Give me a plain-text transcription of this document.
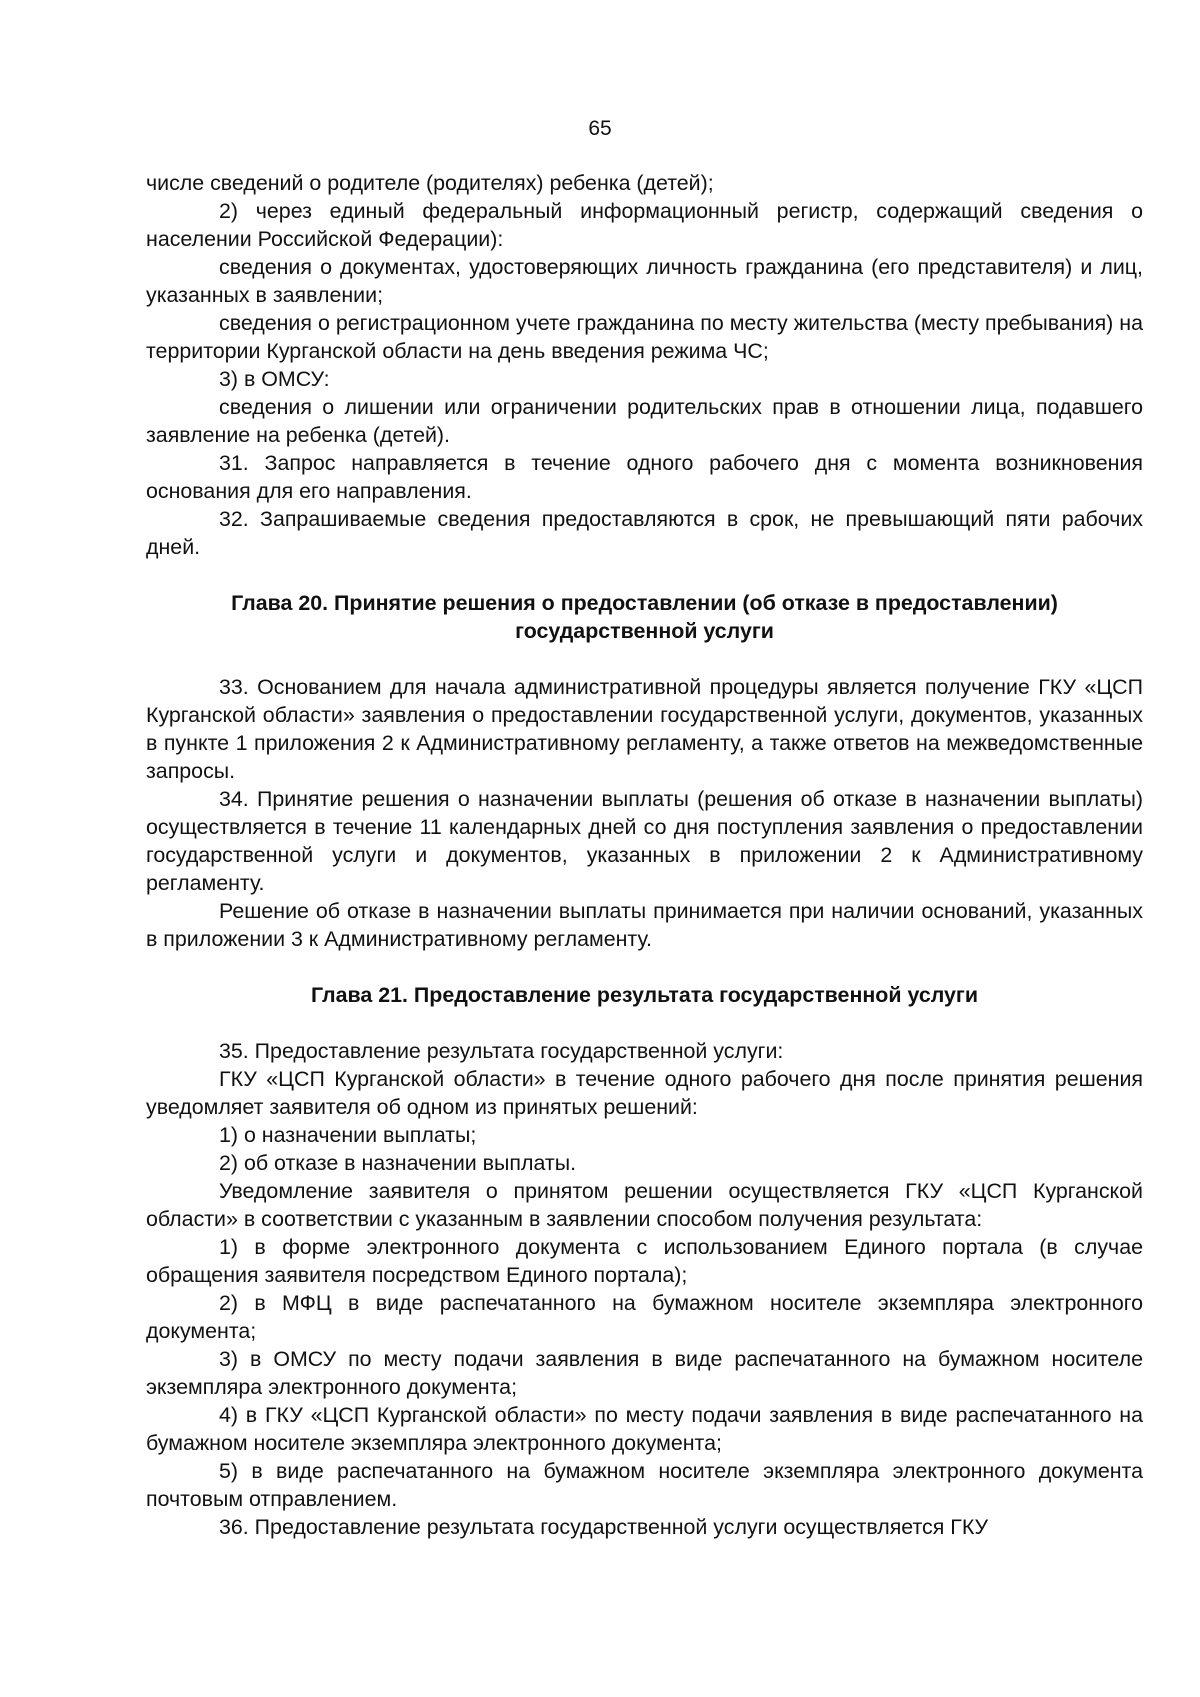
65

числе сведений о родителе (родителях) ребенка (детей);

2) через единый федеральный информационный регистр, содержащий сведения о населении Российской Федерации):

сведения о документах, удостоверяющих личность гражданина (его представителя) и лиц, указанных в заявлении;

сведения о регистрационном учете гражданина по месту жительства (месту пребывания) на территории Курганской области на день введения режима ЧС;

3) в ОМСУ:

сведения о лишении или ограничении родительских прав в отношении лица, подавшего заявление на ребенка (детей).

31. Запрос направляется в течение одного рабочего дня с момента возникновения основания для его направления.

32. Запрашиваемые сведения предоставляются в срок, не превышающий пяти рабочих дней.

Глава 20. Принятие решения о предоставлении (об отказе в предоставлении) государственной услуги

33. Основанием для начала административной процедуры является получение ГКУ «ЦСП Курганской области» заявления о предоставлении государственной услуги, документов, указанных в пункте 1 приложения 2 к Административному регламенту, а также ответов на межведомственные запросы.

34. Принятие решения о назначении выплаты (решения об отказе в назначении выплаты) осуществляется в течение 11 календарных дней со дня поступления заявления о предоставлении государственной услуги и документов, указанных в приложении 2 к Административному регламенту.

Решение об отказе в назначении выплаты принимается при наличии оснований, указанных в приложении 3 к Административному регламенту.

Глава 21. Предоставление результата государственной услуги

35. Предоставление результата государственной услуги:

ГКУ «ЦСП Курганской области» в течение одного рабочего дня после принятия решения уведомляет заявителя об одном из принятых решений:

1) о назначении выплаты;

2) об отказе в назначении выплаты.

Уведомление заявителя о принятом решении осуществляется ГКУ «ЦСП Курганской области» в соответствии с указанным в заявлении способом получения результата:

1) в форме электронного документа с использованием Единого портала (в случае обращения заявителя посредством Единого портала);

2) в МФЦ в виде распечатанного на бумажном носителе экземпляра электронного документа;

3) в ОМСУ по месту подачи заявления в виде распечатанного на бумажном носителе экземпляра электронного документа;

4) в ГКУ «ЦСП Курганской области» по месту подачи заявления в виде распечатанного на бумажном носителе экземпляра электронного документа;

5) в виде распечатанного на бумажном носителе экземпляра электронного документа почтовым отправлением.

36. Предоставление результата государственной услуги осуществляется ГКУ
